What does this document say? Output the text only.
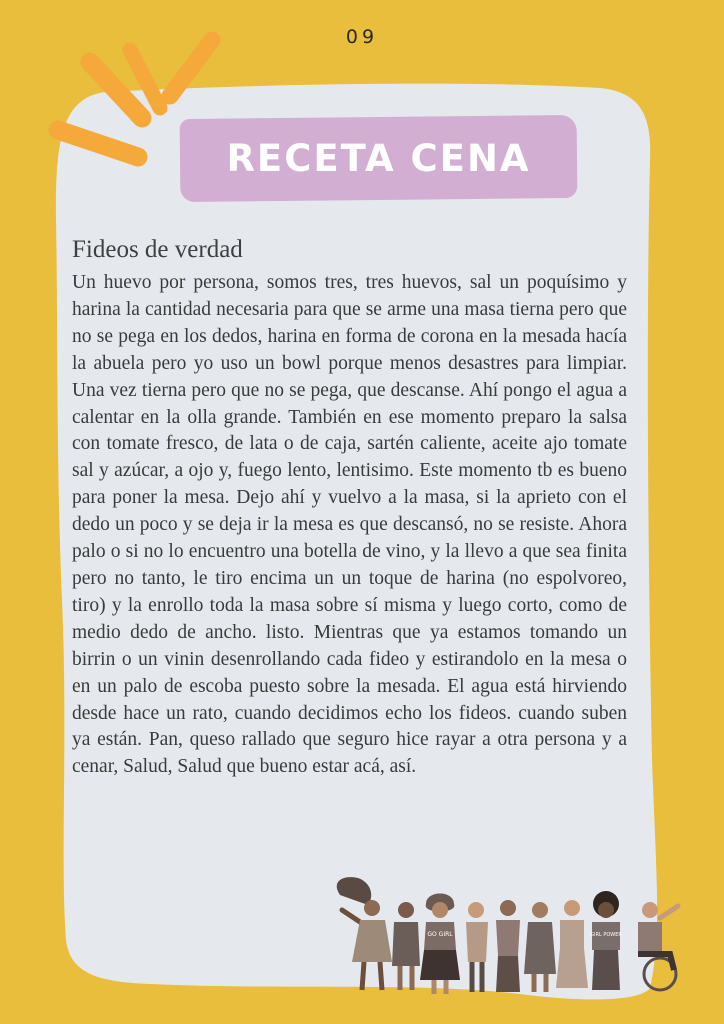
09
RECETA CENA
Fideos de verdad

Un huevo por persona, somos tres, tres huevos, sal un poquísimo y harina la cantidad necesaria para que se arme una masa tierna pero que no se pega en los dedos, harina en forma de corona en la mesada hacía la abuela pero yo uso un bowl porque menos desastres para limpiar. Una vez tierna pero que no se pega, que descanse. Ahí pongo el agua a calentar en la olla grande. También en ese momento preparo la salsa con tomate fresco, de lata o de caja, sartén caliente, aceite ajo tomate sal y azúcar, a ojo y, fuego lento, lentisimo. Este momento tb es bueno para poner la mesa. Dejo ahí y vuelvo a la masa, si la aprieto con el dedo un poco y se deja ir la mesa es que descansó, no se resiste. Ahora palo o si no lo encuentro una botella de vino, y la llevo a que sea finita pero no tanto, le tiro encima un un toque de harina (no espolvoreo, tiro) y la enrollo toda la masa sobre sí misma y luego corto, como de medio dedo de ancho. listo. Mientras que ya estamos tomando un birrin o un vinin desenrollando cada fideo y estirandolo en la mesa o en un palo de escoba puesto sobre la mesada. El agua está hirviendo desde hace un rato, cuando decidimos echo los fideos. cuando suben ya están. Pan, queso rallado que seguro hice rayar a otra persona y a cenar, Salud, Salud que bueno estar acá, así.

GO GIRL	GIRL POWER
